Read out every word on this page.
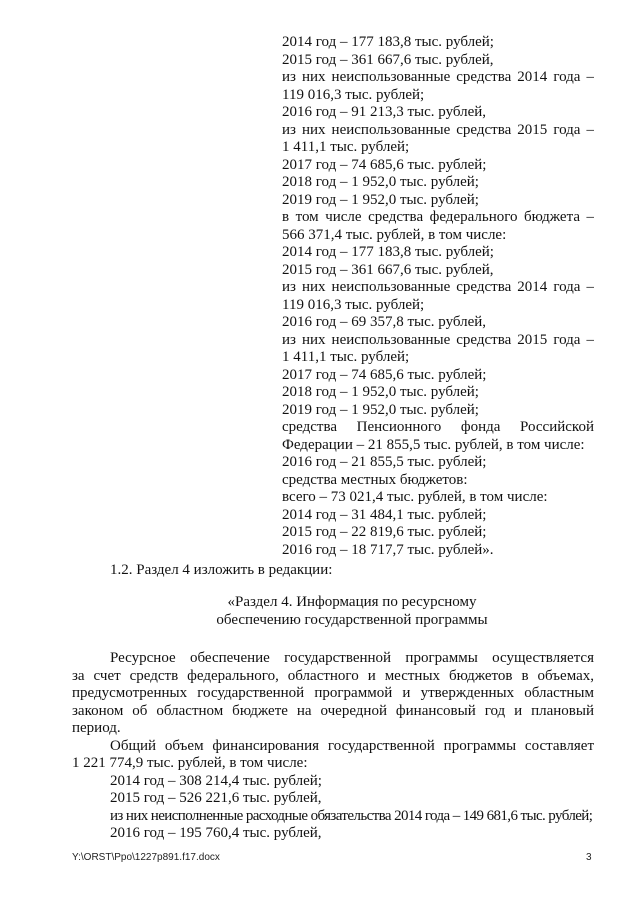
2014 год – 177 183,8 тыс. рублей;
2015 год – 361 667,6 тыс. рублей,
из них неиспользованные средства 2014 года –
119 016,3 тыс. рублей;
2016 год – 91 213,3 тыс. рублей,
из них неиспользованные средства 2015 года –
1 411,1 тыс. рублей;
2017 год – 74 685,6 тыс. рублей;
2018 год – 1 952,0 тыс. рублей;
2019 год – 1 952,0 тыс. рублей;
в том числе средства федерального бюджета –
566 371,4 тыс. рублей, в том числе:
2014 год – 177 183,8 тыс. рублей;
2015 год – 361 667,6 тыс. рублей,
из них неиспользованные средства 2014 года –
119 016,3 тыс. рублей;
2016 год – 69 357,8 тыс. рублей,
из них неиспользованные средства 2015 года –
1 411,1 тыс. рублей;
2017 год – 74 685,6 тыс. рублей;
2018 год – 1 952,0 тыс. рублей;
2019 год – 1 952,0 тыс. рублей;
средства Пенсионного фонда Российской
Федерации – 21 855,5 тыс. рублей, в том числе:
2016 год – 21 855,5 тыс. рублей;
средства местных бюджетов:
всего – 73 021,4 тыс. рублей, в том числе:
2014 год – 31 484,1 тыс. рублей;
2015 год – 22 819,6 тыс. рублей;
2016 год – 18 717,7 тыс. рублей».
1.2. Раздел 4 изложить в редакции:
«Раздел 4. Информация по ресурсному
обеспечению государственной программы
Ресурсное обеспечение государственной программы осуществляется
за счет средств федерального, областного и местных бюджетов в объемах,
предусмотренных государственной программой и утвержденных областным
законом об областном бюджете на очередной финансовый год и плановый
период.
Общий объем финансирования государственной программы составляет
1 221 774,9 тыс. рублей, в том числе:
2014 год – 308 214,4 тыс. рублей;
2015 год – 526 221,6 тыс. рублей,
из них неисполненные расходные обязательства 2014 года – 149 681,6 тыс. рублей;
2016 год – 195 760,4 тыс. рублей,
Y:\ORST\Ppo\1227p891.f17.docx	3
